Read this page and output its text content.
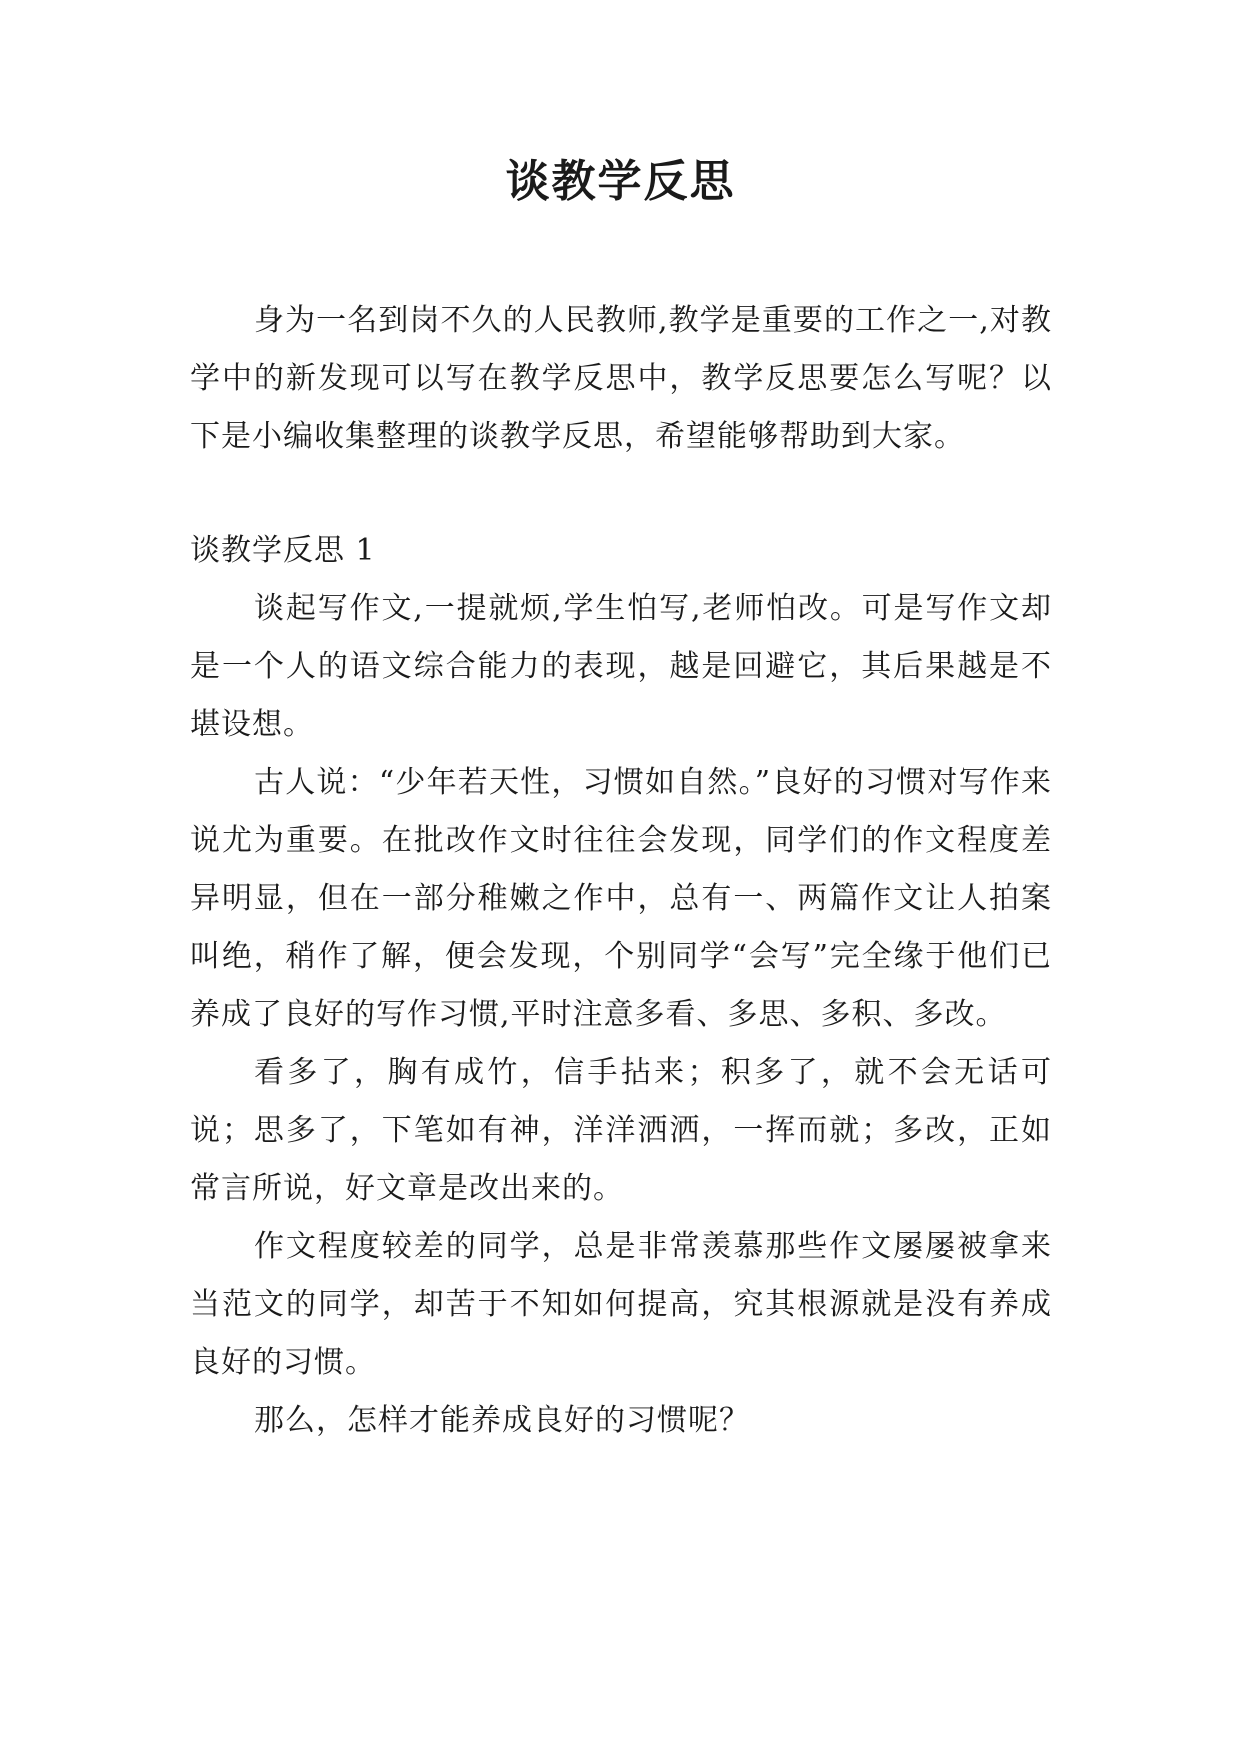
谈教学反思

身为一名到岗不久的人民教师,教学是重要的工作之一,对教学中的新发现可以写在教学反思中，教学反思要怎么写呢？以下是小编收集整理的谈教学反思，希望能够帮助到大家。

谈教学反思 1

谈起写作文,一提就烦,学生怕写,老师怕改。可是写作文却是一个人的语文综合能力的表现，越是回避它，其后果越是不堪设想。

古人说：“少年若天性，习惯如自然。”良好的习惯对写作来说尤为重要。在批改作文时往往会发现，同学们的作文程度差异明显，但在一部分稚嫩之作中，总有一、两篇作文让人拍案叫绝，稍作了解，便会发现，个别同学“会写”完全缘于他们已养成了良好的写作习惯,平时注意多看、多思、多积、多改。

看多了，胸有成竹，信手拈来；积多了，就不会无话可说；思多了，下笔如有神，洋洋洒洒，一挥而就；多改，正如常言所说，好文章是改出来的。

作文程度较差的同学，总是非常羡慕那些作文屡屡被拿来当范文的同学，却苦于不知如何提高，究其根源就是没有养成良好的习惯。

那么，怎样才能养成良好的习惯呢？
